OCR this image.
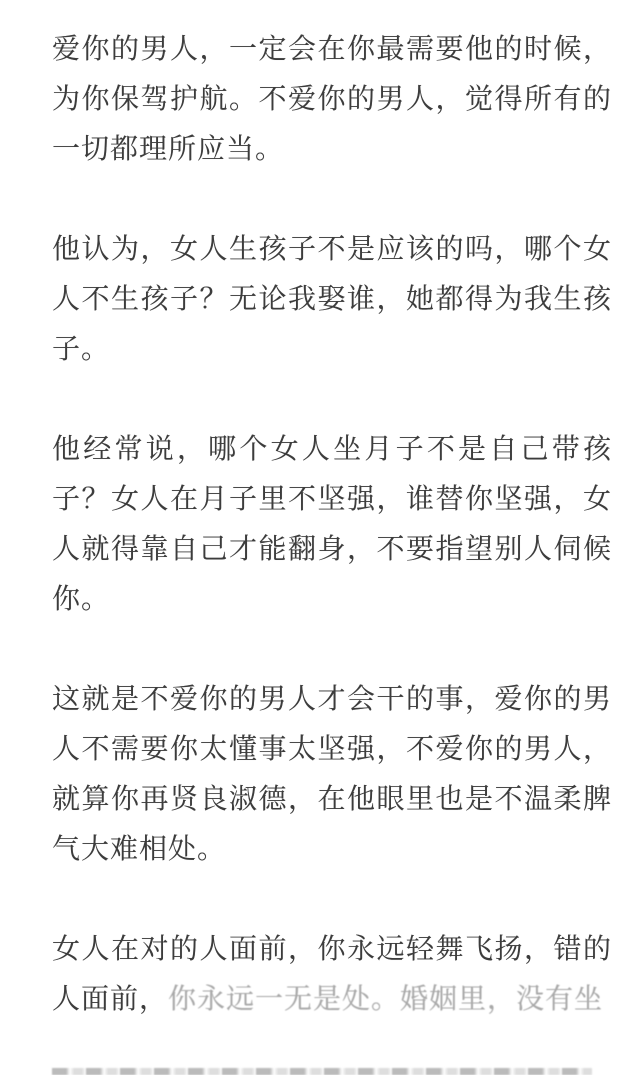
爱你的男人，一定会在你最需要他的时候，为你保驾护航。不爱你的男人，觉得所有的一切都理所应当。

他认为，女人生孩子不是应该的吗，哪个女人不生孩子？无论我娶谁，她都得为我生孩子。

他经常说，哪个女人坐月子不是自己带孩子？女人在月子里不坚强，谁替你坚强，女人就得靠自己才能翻身，不要指望别人伺候你。

这就是不爱你的男人才会干的事，爱你的男人不需要你太懂事太坚强，不爱你的男人，就算你再贤良淑德，在他眼里也是不温柔脾气大难相处。

女人在对的人面前，你永远轻舞飞扬，错的人面前，你永远一无是处。婚姻里，没有坐
